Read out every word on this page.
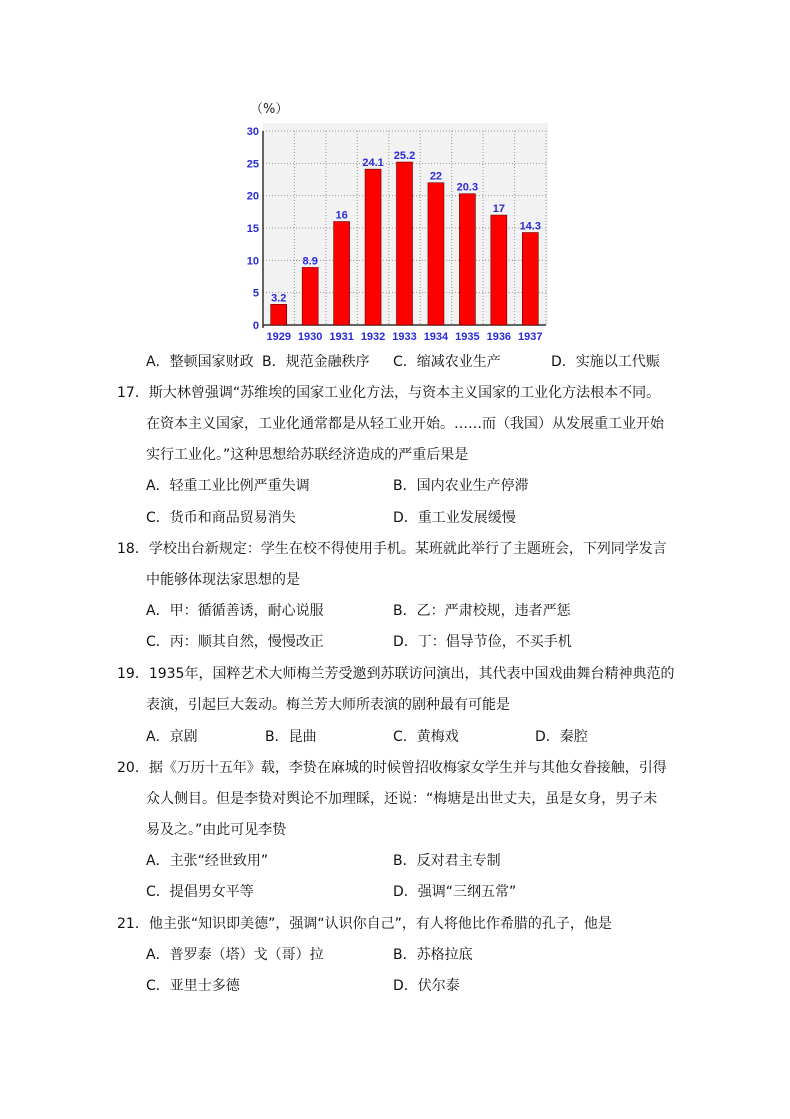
（%）
0
5
10
15
20
25
30
3.2
1929
8.9
1930
16
1931
24.1
1932
25.2
1933
22
1934
20.3
1935
17
1936
14.3
1937
A．整顿国家财政 B．规范金融秩序 C．缩减农业生产	D．实施以工代赈
17．斯大林曾强调“苏维埃的国家工业化方法，与资本主义国家的工业化方法根本不同。
在资本主义国家，工业化通常都是从轻工业开始。……而（我国）从发展重工业开始
实行工业化。”这种思想给苏联经济造成的严重后果是
A．轻重工业比例严重失调	B．国内农业生产停滞
C．货币和商品贸易消失	D．重工业发展缓慢
18．学校出台新规定：学生在校不得使用手机。某班就此举行了主题班会，下列同学发言
中能够体现法家思想的是
A．甲：循循善诱，耐心说服	B．乙：严肃校规，违者严惩
C．丙：顺其自然，慢慢改正	D．丁：倡导节俭，不买手机
19．1935年，国粹艺术大师梅兰芳受邀到苏联访问演出，其代表中国戏曲舞台精神典范的
表演，引起巨大轰动。梅兰芳大师所表演的剧种最有可能是
A．京剧	B．昆曲	C．黄梅戏	D．秦腔
20．据《万历十五年》载，李贽在麻城的时候曾招收梅家女学生并与其他女眷接触，引得
众人侧目。但是李贽对舆论不加理睬，还说：“梅塘是出世丈夫，虽是女身，男子未
易及之。”由此可见李贽
A．主张“经世致用”	B．反对君主专制
C．提倡男女平等	D．强调“三纲五常”
21．他主张“知识即美德”，强调“认识你自己”，有人将他比作希腊的孔子，他是
A．普罗泰（塔）戈（哥）拉	B．苏格拉底
C．亚里士多德	D．伏尔泰
